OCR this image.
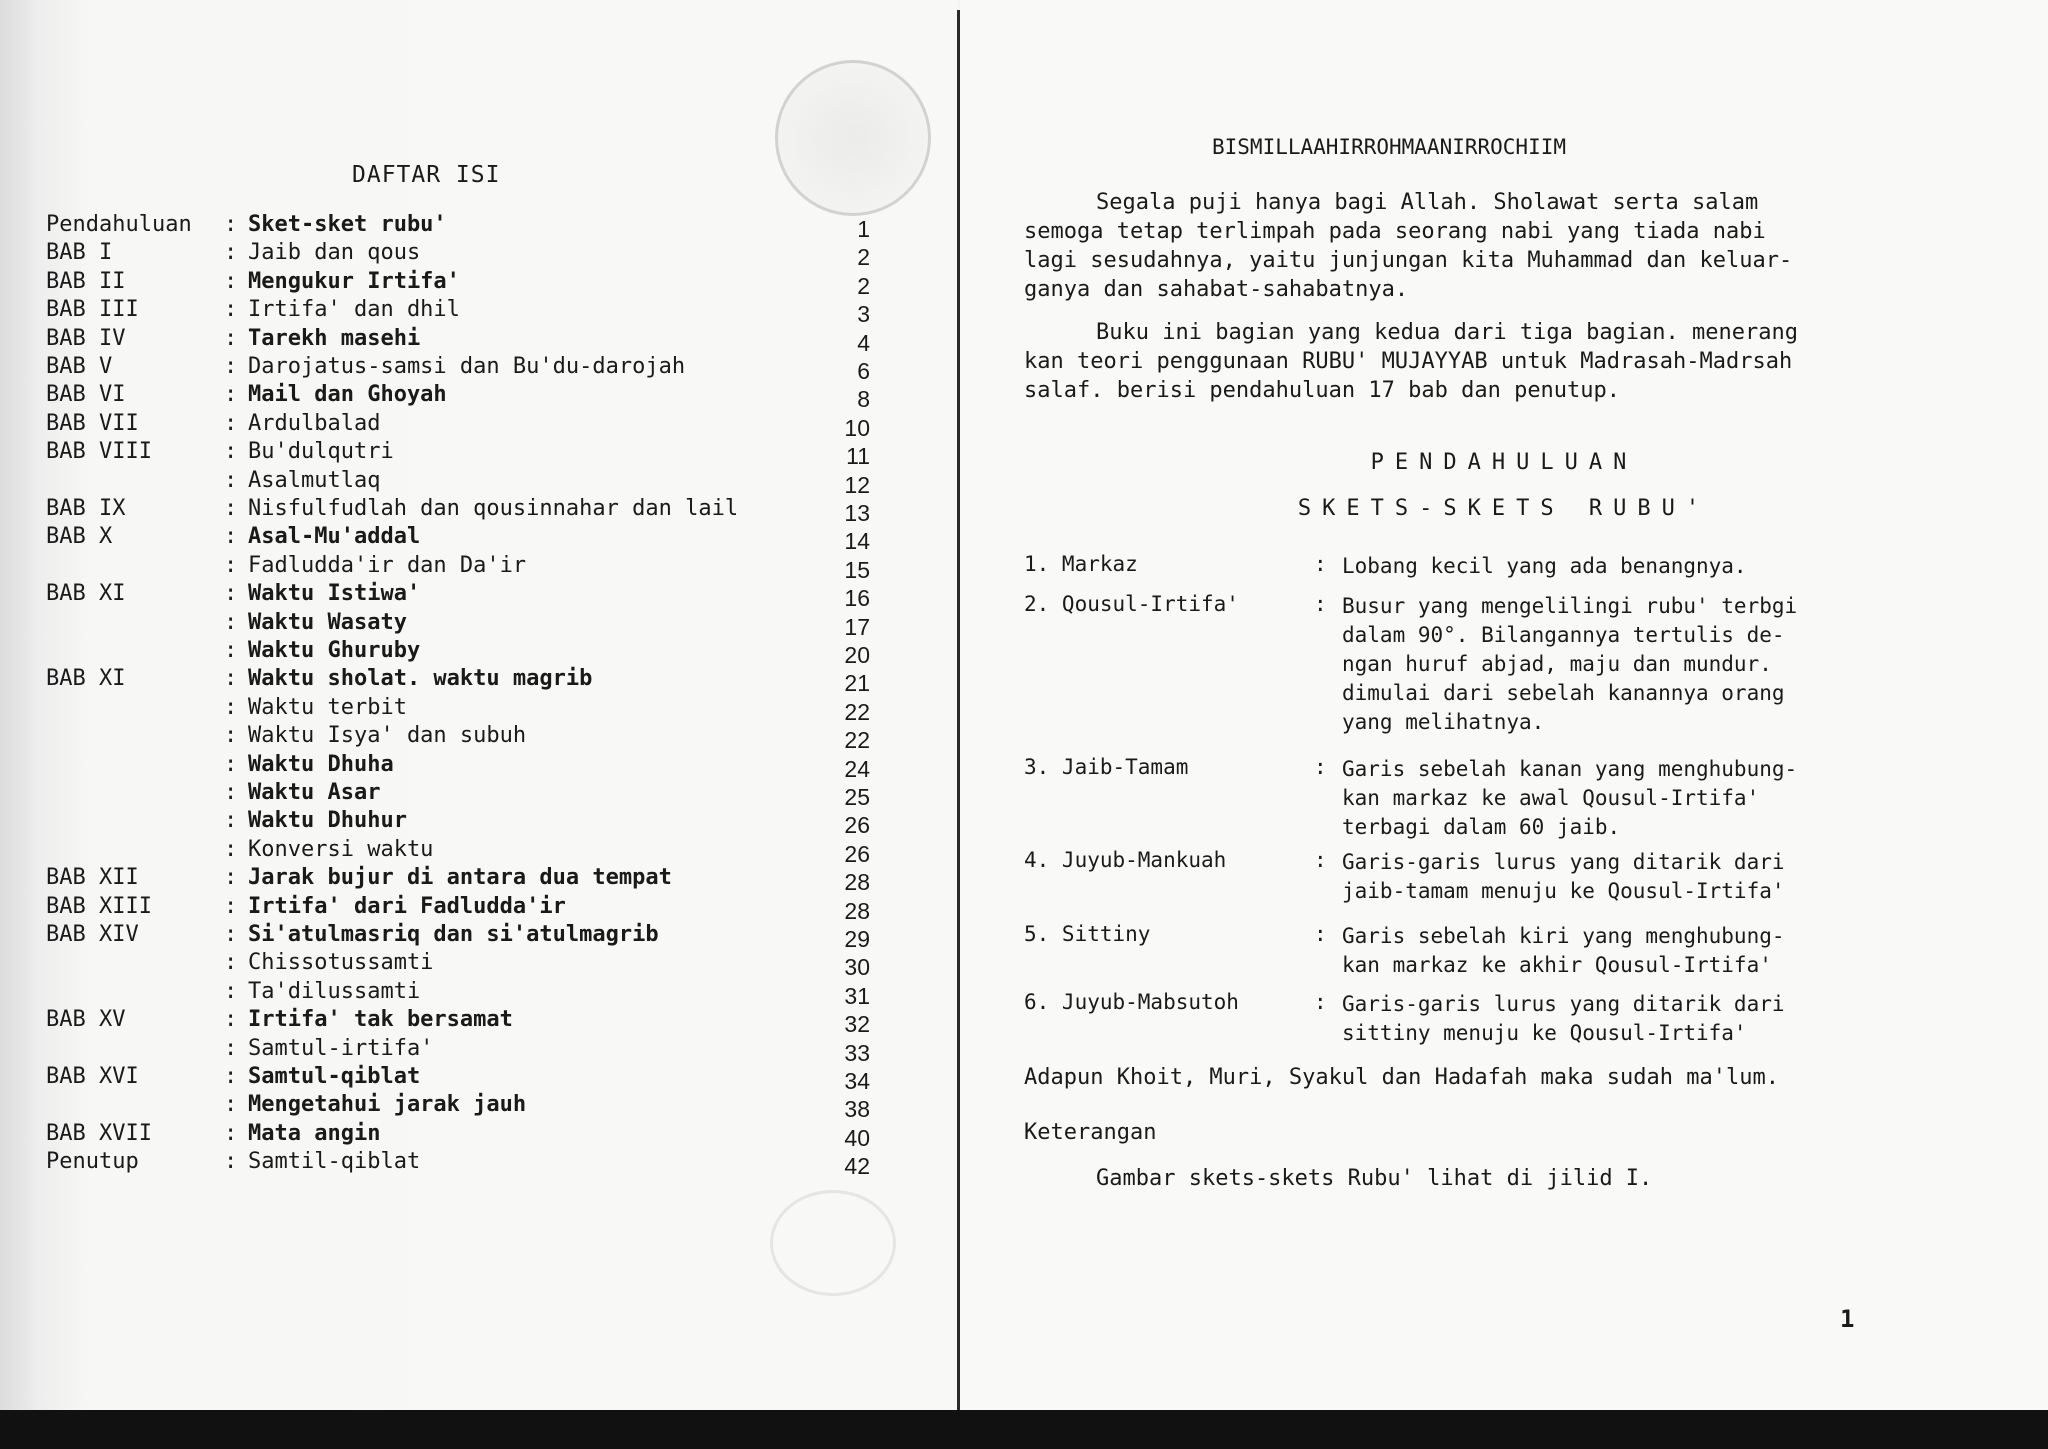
DAFTAR ISI
Pendahuluan : Sket-sket rubu'	1
BAB I	: Jaib dan qous	2
BAB II	: Mengukur Irtifa'	2
BAB III	: Irtifa' dan dhil	3
BAB IV	: Tarekh masehi	4
BAB V	: Darojatus-samsi dan Bu'du-darojah	6
BAB VI	: Mail dan Ghoyah	8
BAB VII	: Ardulbalad	10
BAB VIII	: Bu'dulqutri	11
: Asalmutlaq	12
BAB IX	: Nisfulfudlah dan qousinnahar dan lail	13
BAB X	: Asal-Mu'addal	14
: Fadludda'ir dan Da'ir	15
BAB XI	: Waktu Istiwa'	16
: Waktu Wasaty	17
: Waktu Ghuruby	20
BAB XI	: Waktu sholat. waktu magrib	21
: Waktu terbit	22
: Waktu Isya' dan subuh	22
: Waktu Dhuha	24
: Waktu Asar	25
: Waktu Dhuhur	26
: Konversi waktu	26
BAB XII	: Jarak bujur di antara dua tempat	28
BAB XIII	: Irtifa' dari Fadludda'ir	28
BAB XIV	: Si'atulmasriq dan si'atulmagrib	29
: Chissotussamti	30
: Ta'dilussamti	31
BAB XV	: Irtifa' tak bersamat	32
: Samtul-irtifa'	33
BAB XVI	: Samtul-qiblat	34
: Mengetahui jarak jauh	38
BAB XVII	: Mata angin	40
Penutup	: Samtil-qiblat	42
BISMILLAAHIRROHMAANIRROCHIIM
Segala puji hanya bagi Allah. Sholawat serta salam
semoga tetap terlimpah pada seorang nabi yang tiada nabi
lagi sesudahnya, yaitu junjungan kita Muhammad dan keluar-
ganya dan sahabat-sahabatnya.
Buku ini bagian yang kedua dari tiga bagian. menerang
kan teori penggunaan RUBU' MUJAYYAB untuk Madrasah-Madrsah
salaf. berisi pendahuluan 17 bab dan penutup.
PENDAHULUAN
SKETS-SKETS RUBU'
1. Markaz	: Lobang kecil yang ada benangnya.
2. Qousul-Irtifa'	: Busur yang mengelilingi rubu' terbgi
dalam 90°. Bilangannya tertulis de-
ngan huruf abjad, maju dan mundur.
dimulai dari sebelah kanannya orang
yang melihatnya.
3. Jaib-Tamam	: Garis sebelah kanan yang menghubung-
kan markaz ke awal Qousul-Irtifa'
terbagi dalam 60 jaib.
4. Juyub-Mankuah	: Garis-garis lurus yang ditarik dari
jaib-tamam menuju ke Qousul-Irtifa'
5. Sittiny	: Garis sebelah kiri yang menghubung-
kan markaz ke akhir Qousul-Irtifa'
6. Juyub-Mabsutoh	: Garis-garis lurus yang ditarik dari
sittiny menuju ke Qousul-Irtifa'
Adapun Khoit, Muri, Syakul dan Hadafah maka sudah ma'lum.
Keterangan
Gambar skets-skets Rubu' lihat di jilid I.
1
